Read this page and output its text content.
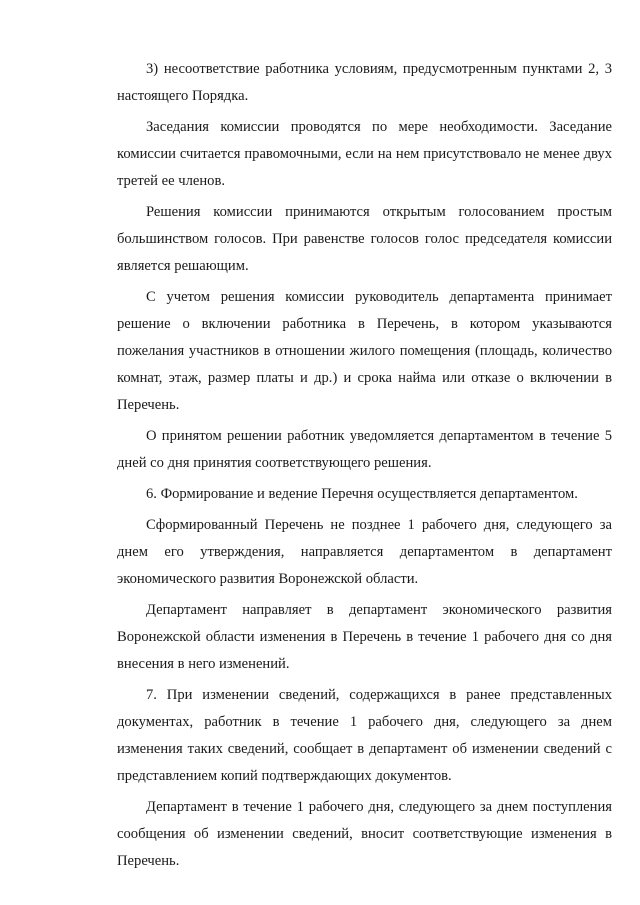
3) несоответствие работника условиям, предусмотренным пунктами 2, 3 настоящего Порядка.

Заседания комиссии проводятся по мере необходимости. Заседание комиссии считается правомочными, если на нем присутствовало не менее двух третей ее членов.

Решения комиссии принимаются открытым голосованием простым большинством голосов. При равенстве голосов голос председателя комиссии является решающим.

С учетом решения комиссии руководитель департамента принимает решение о включении работника в Перечень, в котором указываются пожелания участников в отношении жилого помещения (площадь, количество комнат, этаж, размер платы и др.) и срока найма или отказе о включении в Перечень.

О принятом решении работник уведомляется департаментом в течение 5 дней со дня принятия соответствующего решения.

6. Формирование и ведение Перечня осуществляется департаментом.

Сформированный Перечень не позднее 1 рабочего дня, следующего за днем его утверждения, направляется департаментом в департамент экономического развития Воронежской области.

Департамент направляет в департамент экономического развития Воронежской области изменения в Перечень в течение 1 рабочего дня со дня внесения в него изменений.

7. При изменении сведений, содержащихся в ранее представленных документах, работник в течение 1 рабочего дня, следующего за днем изменения таких сведений, сообщает в департамент об изменении сведений с представлением копий подтверждающих документов.

Департамент в течение 1 рабочего дня, следующего за днем поступления сообщения об изменении сведений, вносит соответствующие изменения в Перечень.
